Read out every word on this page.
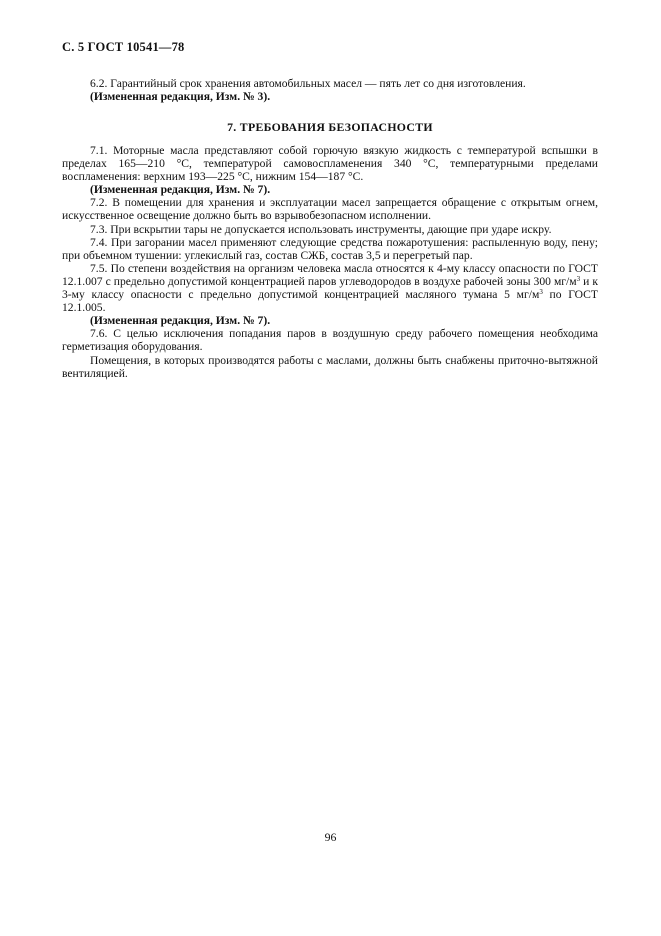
С. 5 ГОСТ 10541—78

6.2. Гарантийный срок хранения автомобильных масел — пять лет со дня изготовления.

(Измененная редакция, Изм. № 3).

7. ТРЕБОВАНИЯ БЕЗОПАСНОСТИ

7.1. Моторные масла представляют собой горючую вязкую жидкость с температурой вспышки в пределах 165—210 °С, температурой самовоспламенения 340 °С, температурными пределами воспламенения: верхним 193—225 °С, нижним 154—187 °С.

(Измененная редакция, Изм. № 7).

7.2. В помещении для хранения и эксплуатации масел запрещается обращение с открытым огнем, искусственное освещение должно быть во взрывобезопасном исполнении.

7.3. При вскрытии тары не допускается использовать инструменты, дающие при ударе искру.

7.4. При загорании масел применяют следующие средства пожаротушения: распыленную воду, пену; при объемном тушении: углекислый газ, состав СЖБ, состав 3,5 и перегретый пар.

7.5. По степени воздействия на организм человека масла относятся к 4-му классу опасности по ГОСТ 12.1.007 с предельно допустимой концентрацией паров углеводородов в воздухе рабочей зоны 300 $мг/м^3$ и к 3-му классу опасности с предельно допустимой концентрацией масляного тумана 5 $мг/м^3$ по ГОСТ 12.1.005.

(Измененная редакция, Изм. № 7).

7.6. С целью исключения попадания паров в воздушную среду рабочего помещения необходима герметизация оборудования.

Помещения, в которых производятся работы с маслами, должны быть снабжены приточно-вытяжной вентиляцией.

96
